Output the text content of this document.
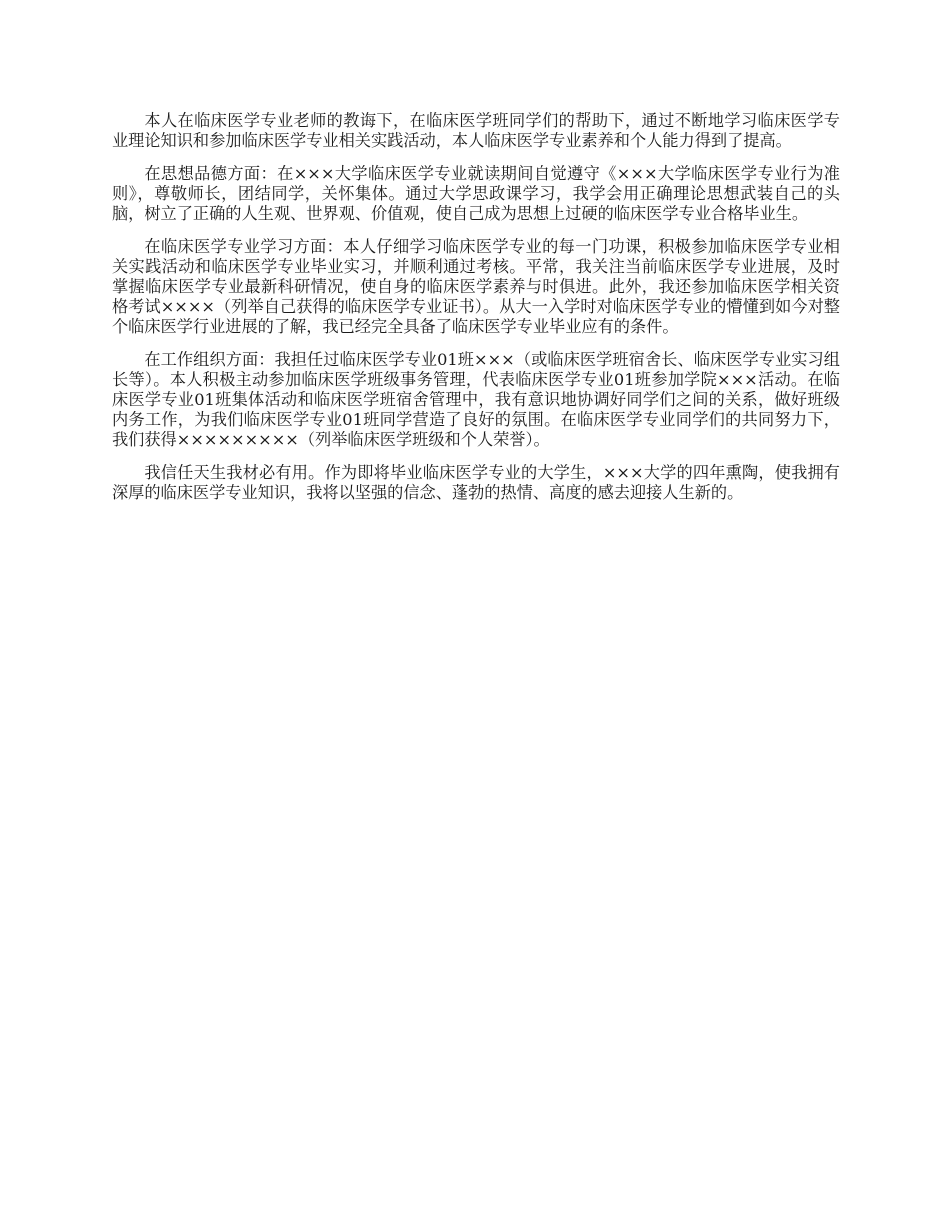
本人在临床医学专业老师的教诲下，在临床医学班同学们的帮助下，通过不断地学习临床医学专业理论知识和参加临床医学专业相关实践活动，本人临床医学专业素养和个人能力得到了提高。

在思想品德方面：在×××大学临床医学专业就读期间自觉遵守《×××大学临床医学专业行为准则》，尊敬师长，团结同学，关怀集体。通过大学思政课学习，我学会用正确理论思想武装自己的头脑，树立了正确的人生观、世界观、价值观，使自己成为思想上过硬的临床医学专业合格毕业生。

在临床医学专业学习方面：本人仔细学习临床医学专业的每一门功课，积极参加临床医学专业相关实践活动和临床医学专业毕业实习，并顺利通过考核。平常，我关注当前临床医学专业进展，及时掌握临床医学专业最新科研情况，使自身的临床医学素养与时俱进。此外，我还参加临床医学相关资格考试××××（列举自己获得的临床医学专业证书）。从大一入学时对临床医学专业的懵懂到如今对整个临床医学行业进展的了解，我已经完全具备了临床医学专业毕业应有的条件。

在工作组织方面：我担任过临床医学专业01班×××（或临床医学班宿舍长、临床医学专业实习组长等）。本人积极主动参加临床医学班级事务管理，代表临床医学专业01班参加学院×××活动。在临床医学专业01班集体活动和临床医学班宿舍管理中，我有意识地协调好同学们之间的关系，做好班级内务工作，为我们临床医学专业01班同学营造了良好的氛围。在临床医学专业同学们的共同努力下，我们获得×××××××××（列举临床医学班级和个人荣誉）。

我信任天生我材必有用。作为即将毕业临床医学专业的大学生，×××大学的四年熏陶，使我拥有深厚的临床医学专业知识，我将以坚强的信念、蓬勃的热情、高度的感去迎接人生新的。
